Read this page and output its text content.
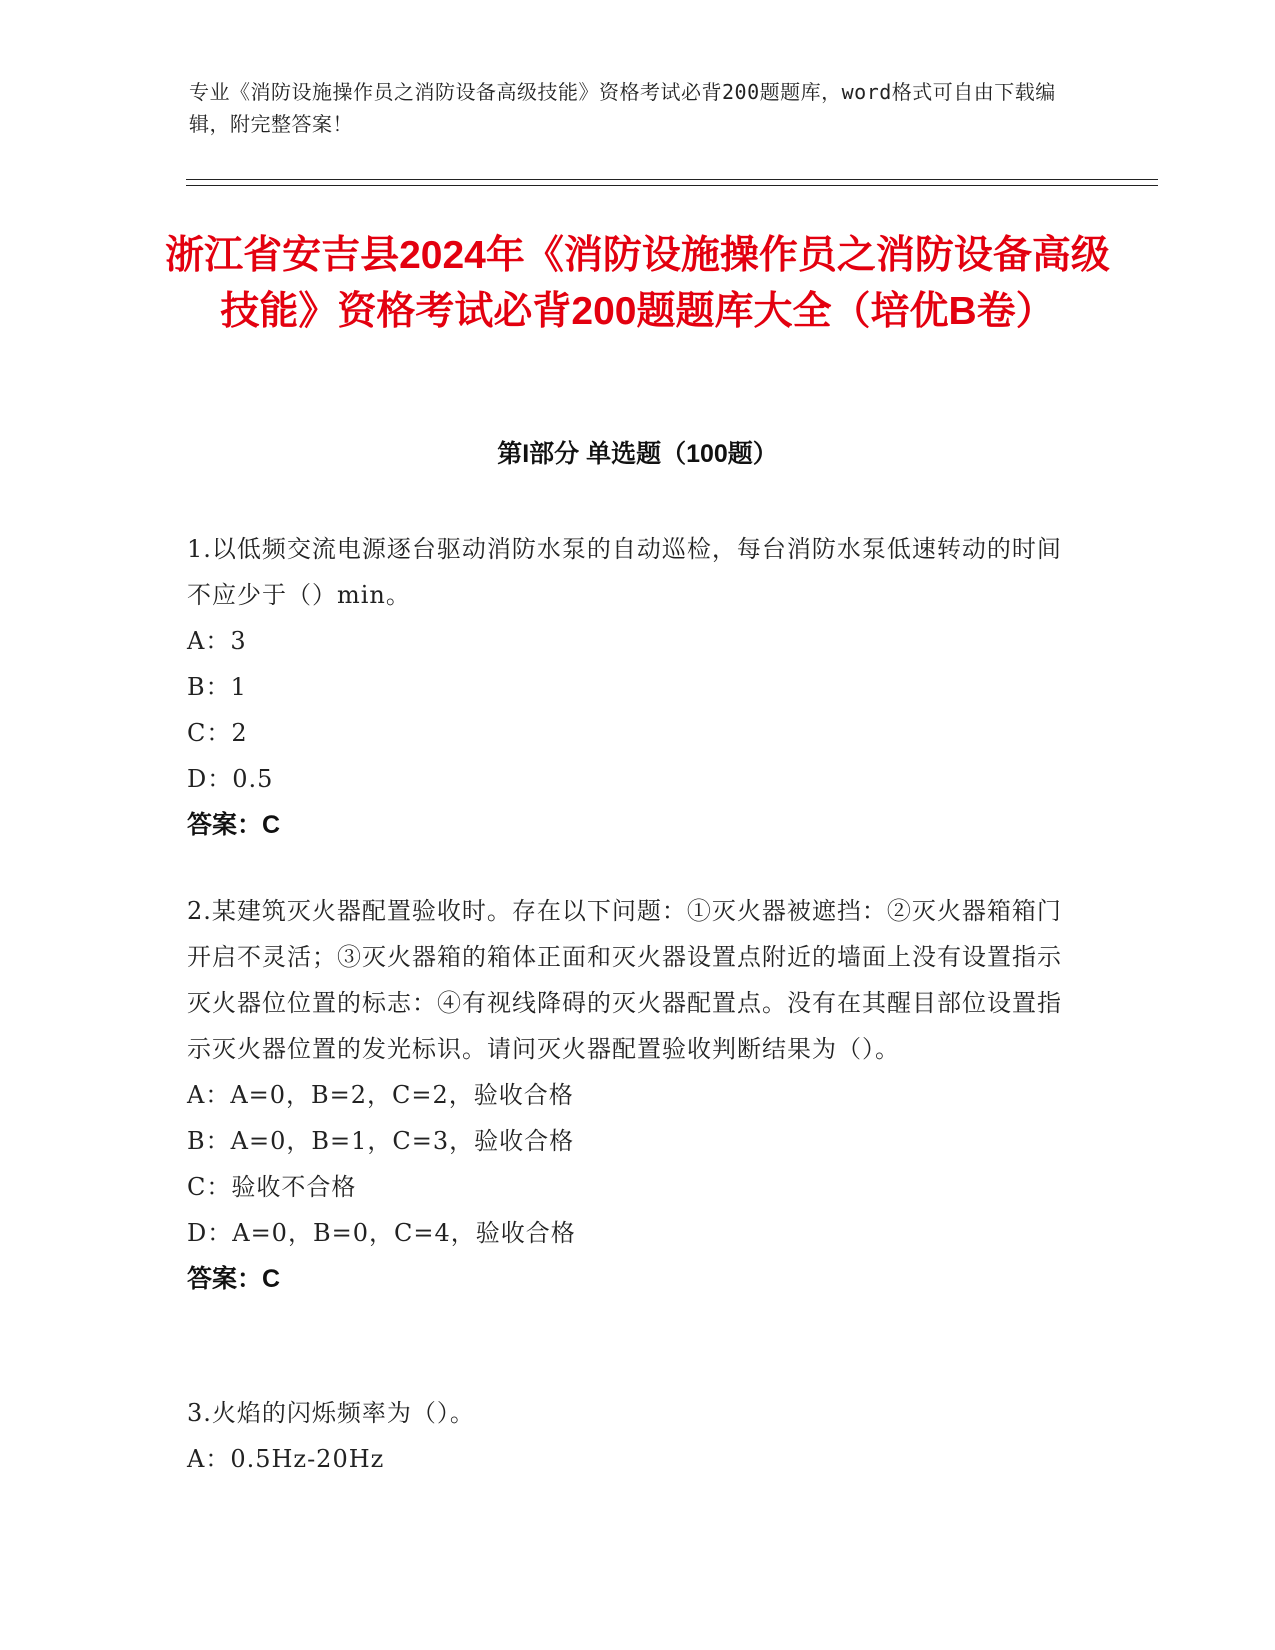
专业《消防设施操作员之消防设备高级技能》资格考试必背200题题库，word格式可自由下载编辑，附完整答案！
浙江省安吉县2024年《消防设施操作员之消防设备高级技能》资格考试必背200题题库大全（培优B卷）
第I部分 单选题（100题）

1.以低频交流电源逐台驱动消防水泵的自动巡检，每台消防水泵低速转动的时间不应少于（）min。

A：3

B：1

C：2

D：0.5

答案：C

2.某建筑灭火器配置验收时。存在以下问题：①灭火器被遮挡：②灭火器箱箱门开启不灵活；③灭火器箱的箱体正面和灭火器设置点附近的墙面上没有设置指示灭火器位位置的标志：④有视线降碍的灭火器配置点。没有在其醒目部位设置指示灭火器位置的发光标识。请问灭火器配置验收判断结果为（）。

A：A=0，B=2，C=2，验收合格

B：A=0，B=1，C=3，验收合格

C：验收不合格

D：A=0，B=0，C=4，验收合格

答案：C

3.火焰的闪烁频率为（）。

A：0.5Hz-20Hz
